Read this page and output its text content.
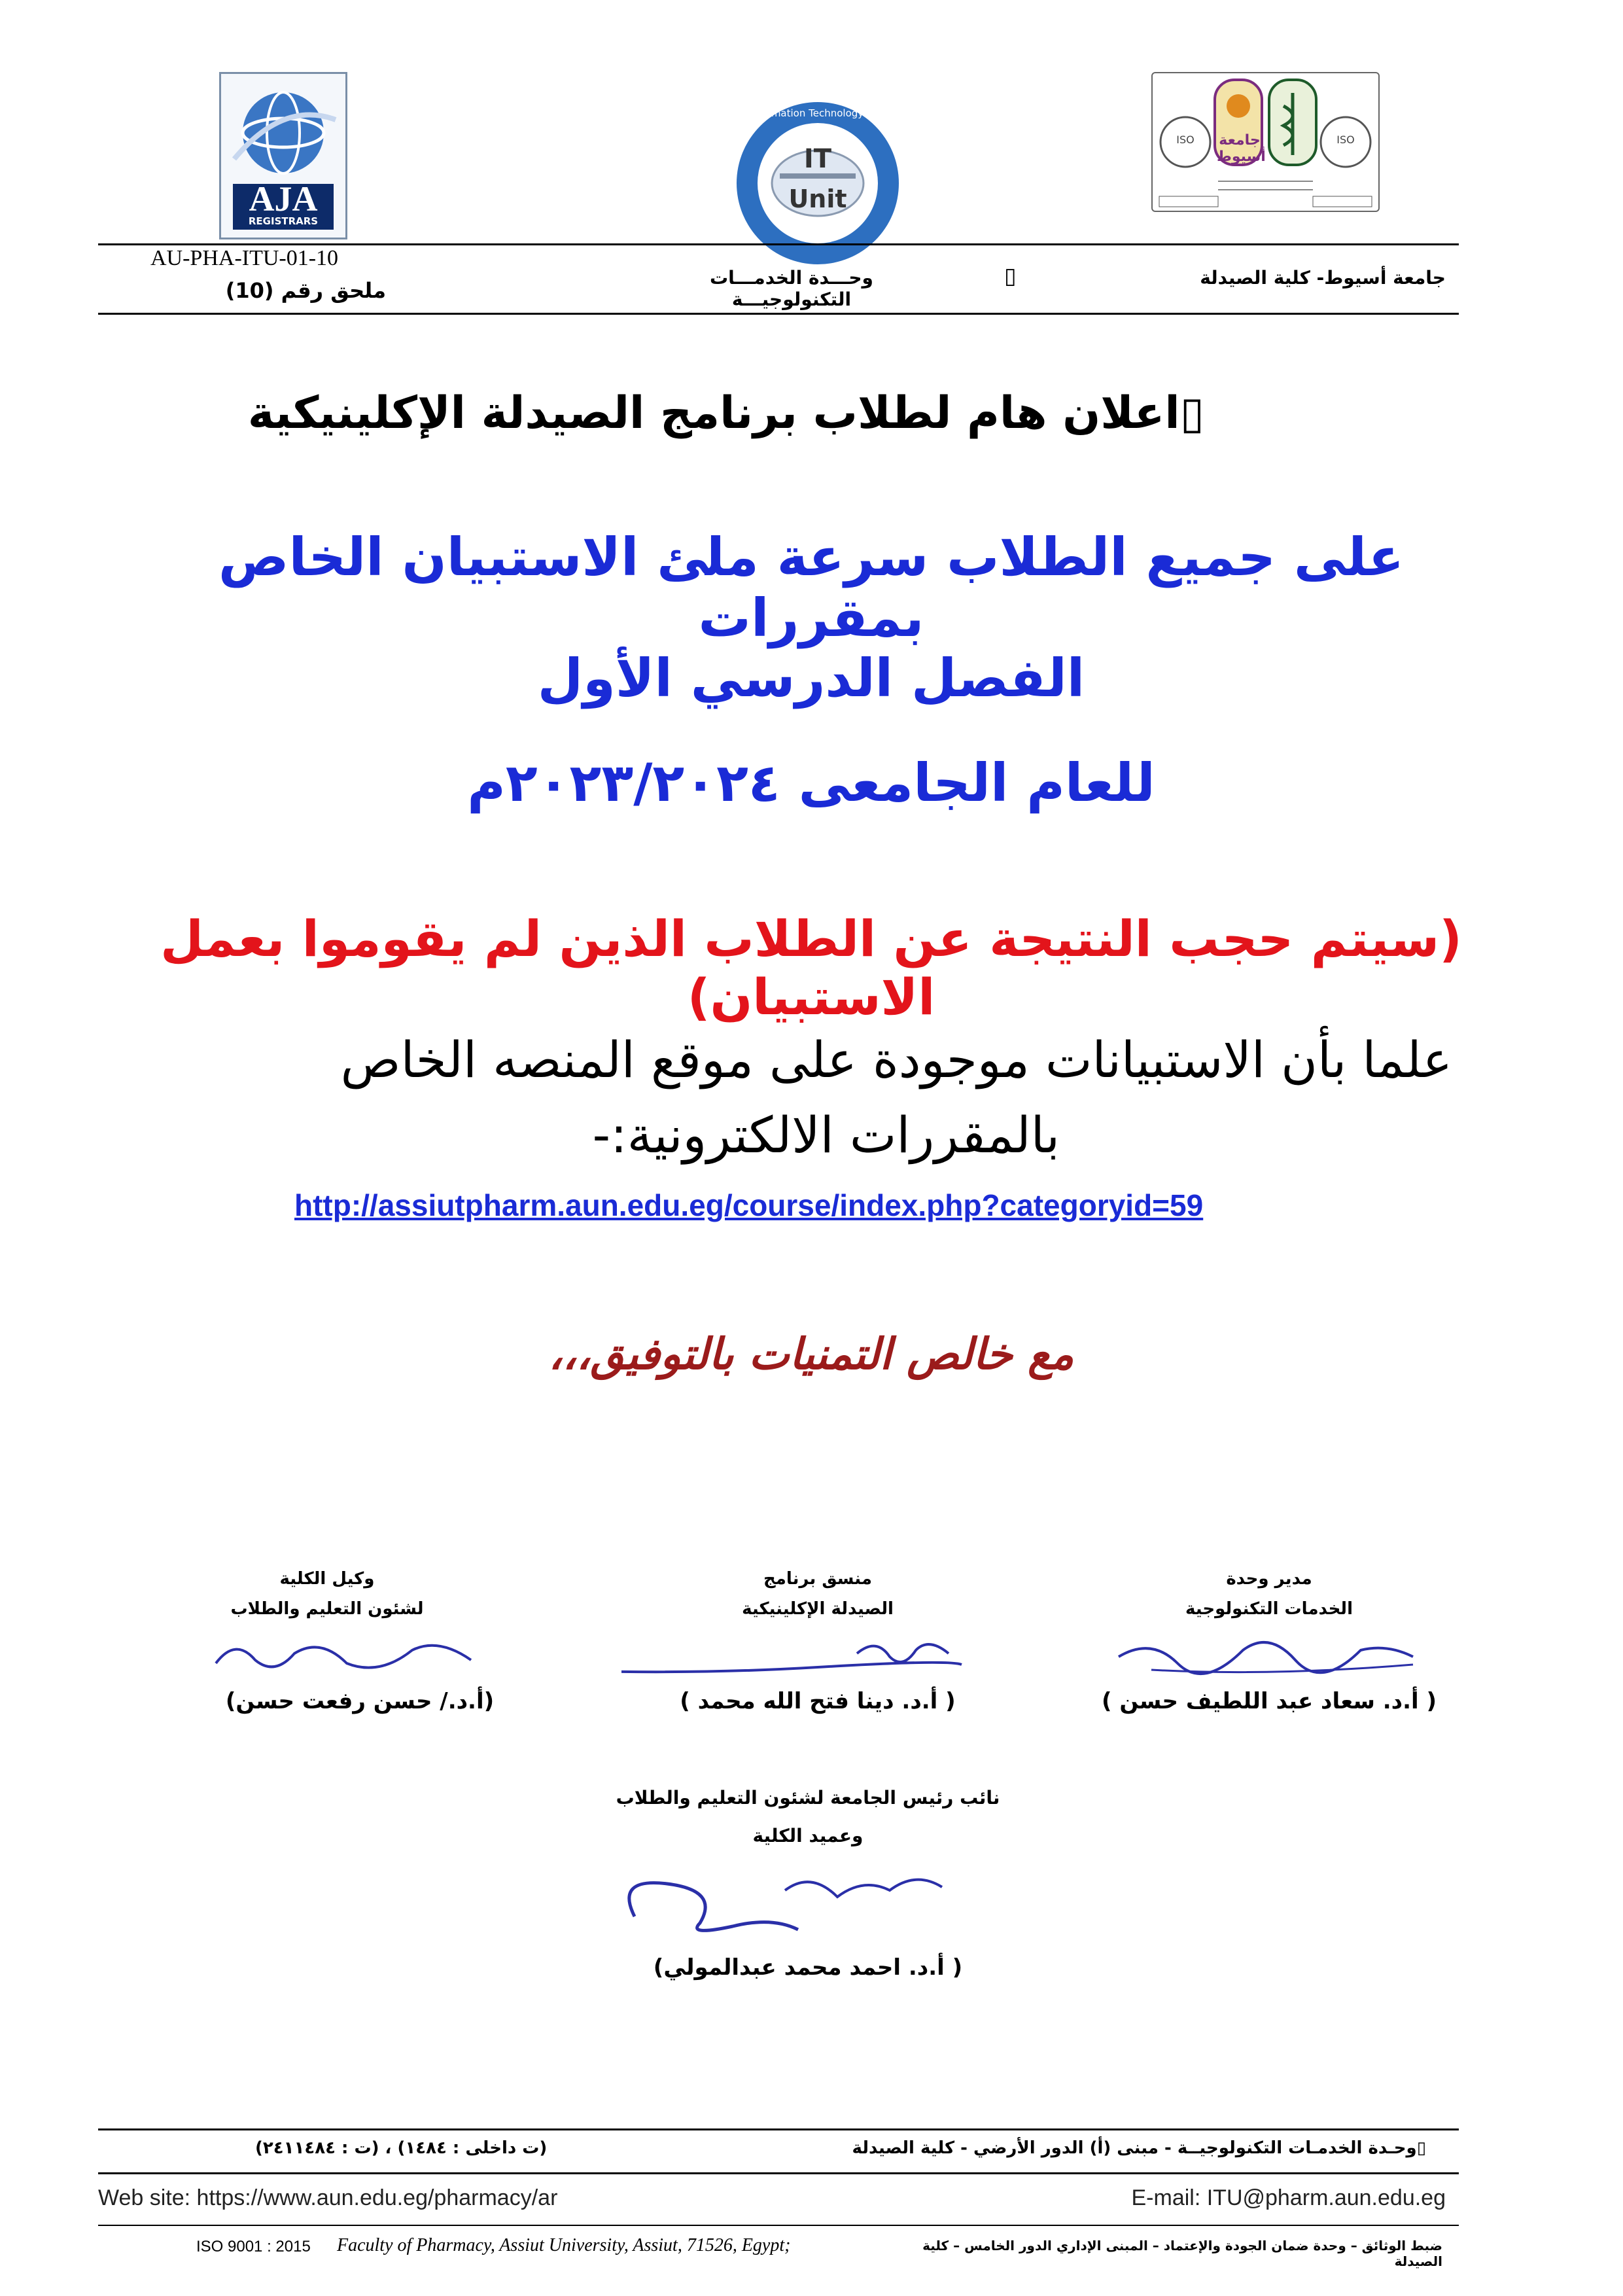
AJA
REGISTRARS
IT
Unit
Information Technology Unit
جامعة أسيوط
ISO	ISO
AU-PHA-ITU-01-10
ملحق رقم (10)
وحـــدة الخدمـــات التكنولوجيـــة
▯	جامعة أسيوط- كلية الصيدلة
▯اعلان هام لطلاب برنامج الصيدلة الإكلينيكية
على جميع الطلاب سرعة ملئ الاستبيان الخاص بمقررات
الفصل الدرسي الأول
للعام الجامعى ٢٠٢٣/٢٠٢٤م
(سيتم حجب النتيجة عن الطلاب الذين لم يقوموا بعمل الاستبيان)
علما بأن الاستبيانات موجودة على موقع المنصه الخاص
بالمقررات الالكترونية:-
http://assiutpharm.aun.edu.eg/course/index.php?categoryid=59
مع خالص التمنيات بالتوفيق،،،
مدير وحدة
الخدمات التكنولوجية
( أ.د. سعاد عبد اللطيف حسن )
منسق برنامج
الصيدلة الإكلينيكية
( أ.د. دينا فتح الله محمد )
وكيل الكلية
لشئون التعليم والطلاب
(أ.د./ حسن رفعت حسن)
نائب رئيس الجامعة لشئون التعليم والطلاب
وعميد الكلية
( أ.د. احمد محمد عبدالمولي)
(ت داخلى : ١٤٨٤) ، (ت : ٢٤١١٤٨٤)	▯وحـدة الخدمـات التكنولوجيــة - مبنى (أ) الدور الأرضي - كلية الصيدلة
Web site: https://www.aun.edu.eg/pharmacy/ar	E-mail: ITU@pharm.aun.edu.eg
ISO 9001 : 2015 Faculty of Pharmacy, Assiut University, Assiut, 71526, Egypt;	ضبط الوثائق – وحدة ضمان الجودة والإعتماد – المبنى الإداري الدور الخامس – كلية الصيدلة
